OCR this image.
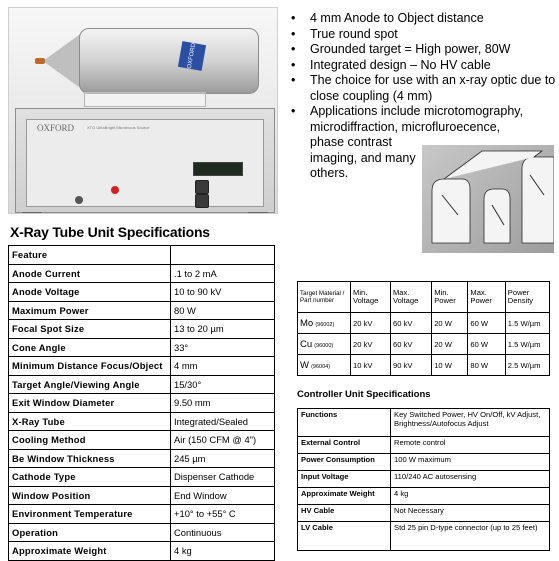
OXFORD
OXFORD	XTG UltraBright Microfocus Source
• 4 mm Anode to Object distance
• True round spot
• Grounded target = High power, 80W
• Integrated design – No HV cable
• The choice for use with an x-ray optic due to close coupling (4 mm)
• Applications include microtomography, microdiffraction, microfluroecence,
phase contrast imaging, and many others.
X-Ray Tube Unit Specifications
Feature	
Anode Current	.1 to 2 mA
Anode Voltage	10 to 90 kV
Maximum Power	80 W
Focal Spot Size	13 to 20 µm
Cone Angle	33°
Minimum Distance Focus/Object	4 mm
Target Angle/Viewing Angle	15/30°
Exit Window Diameter	9.50 mm
X-Ray Tube	Integrated/Sealed
Cooling Method	Air (150 CFM @ 4")
Be Window Thickness	245 µm
Cathode Type	Dispenser Cathode
Window Position	End Window
Environment Temperature	+10° to +55° C
Operation	Continuous
Approximate Weight	4 kg
Target Material / Part number	Min. Voltage	Max. Voltage	Min. Power	Max. Power	Power Density
Mo (96002)	20 kV	60 kV	20 W	60 W	1.5 W/µm
Cu (96000)	20 kV	60 kV	20 W	60 W	1.5 W/µm
W (96004)	10 kV	90 kV	10 W	80 W	2.5 W/µm
Controller Unit Specifications
Functions	Key Switched Power, HV On/Off, kV Adjust, Brightness/Autofocus Adjust
External Control	Remote control
Power Consumption	100 W maximum
Input Voltage	110/240 AC autosensing
Approximate Weight	4 kg
HV Cable	Not Necessary
LV Cable	Std 25 pin D-type connector (up to 25 feet)
